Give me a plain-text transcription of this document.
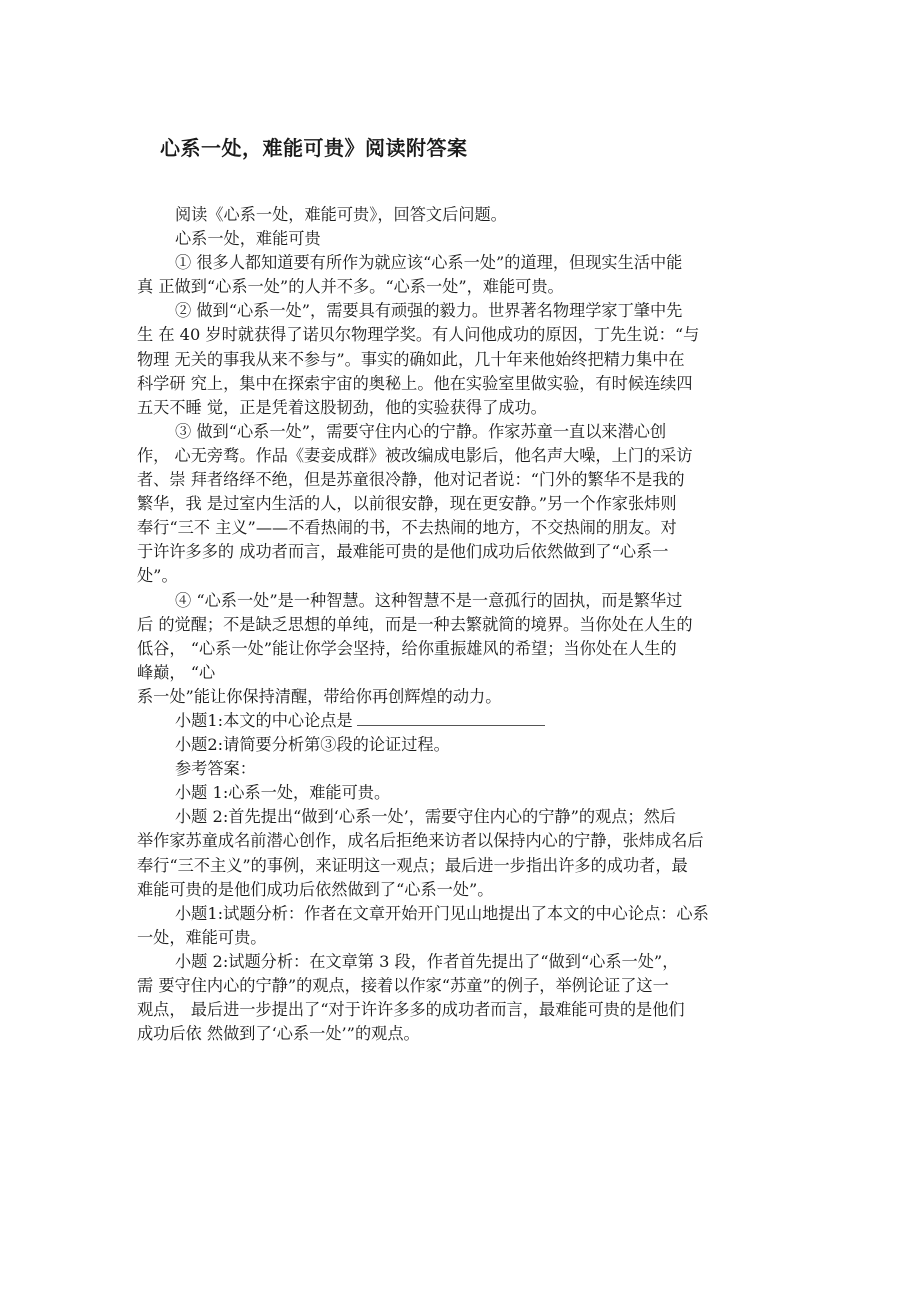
心系一处，难能可贵》阅读附答案
阅读《心系一处，难能可贵》，回答文后问题。
心系一处，难能可贵
① 很多人都知道要有所作为就应该“心系一处”的道理，但现实生活中能
真 正做到“心系一处”的人并不多。“心系一处”，难能可贵。
② 做到“心系一处”，需要具有顽强的毅力。世界著名物理学家丁肇中先
生 在 40 岁时就获得了诺贝尔物理学奖。有人问他成功的原因，丁先生说：“与
物理 无关的事我从来不参与”。事实的确如此，几十年来他始终把精力集中在
科学研 究上，集中在探索宇宙的奥秘上。他在实验室里做实验，有时候连续四
五天不睡 觉，正是凭着这股韧劲，他的实验获得了成功。
③ 做到“心系一处”，需要守住内心的宁静。作家苏童一直以来潜心创
作， 心无旁骛。作品《妻妾成群》被改编成电影后，他名声大噪，上门的采访
者、崇 拜者络绎不绝，但是苏童很冷静，他对记者说：“门外的繁华不是我的
繁华，我 是过室内生活的人，以前很安静，现在更安静。”另一个作家张炜则
奉行“三不 主义”——不看热闹的书，不去热闹的地方，不交热闹的朋友。对
于许许多多的 成功者而言，最难能可贵的是他们成功后依然做到了“心系一
处”。
④ “心系一处”是一种智慧。这种智慧不是一意孤行的固执，而是繁华过
后 的觉醒；不是缺乏思想的单纯，而是一种去繁就简的境界。当你处在人生的
低谷， “心系一处”能让你学会坚持，给你重振雄风的希望；当你处在人生的
峰巅， “心
系一处”能让你保持清醒，带给你再创辉煌的动力。
小题1:本文的中心论点是
小题2:请简要分析第③段的论证过程。
参考答案：
小题 1:心系一处，难能可贵。
小题 2:首先提出“做到‘心系一处’，需要守住内心的宁静”的观点；然后
举作家苏童成名前潜心创作，成名后拒绝来访者以保持内心的宁静，张炜成名后
奉行“三不主义”的事例，来证明这一观点；最后进一步指出许多的成功者，最
难能可贵的是他们成功后依然做到了“心系一处”。
小题1:试题分析：作者在文章开始开门见山地提出了本文的中心论点：心系
一处，难能可贵。
小题 2:试题分析：在文章第 3 段，作者首先提出了“做到“心系一处”，
需 要守住内心的宁静”的观点，接着以作家“苏童”的例子，举例论证了这一
观点， 最后进一步提出了“对于许许多多的成功者而言，最难能可贵的是他们
成功后依 然做到了‘心系一处’”的观点。
